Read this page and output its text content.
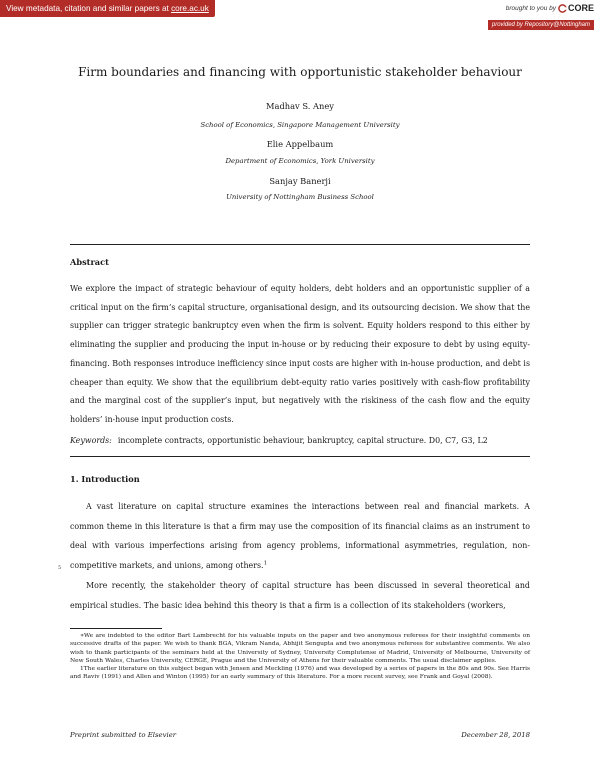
View metadata, citation and similar papers at core.ac.uk	brought to you by CORE
provided by Repository@Nottingham
Firm boundaries and financing with opportunistic stakeholder behaviour
Madhav S. Aney
School of Economics, Singapore Management University
Elie Appelbaum
Department of Economics, York University
Sanjay Banerji
University of Nottingham Business School
Abstract

We explore the impact of strategic behaviour of equity holders, debt holders and an opportunistic supplier of a critical input on the firm’s capital structure, organisational design, and its outsourcing decision. We show that the supplier can trigger strategic bankruptcy even when the firm is solvent. Equity holders respond to this either by eliminating the supplier and producing the input in-house or by reducing their exposure to debt by using equity-financing. Both responses introduce inefficiency since input costs are higher with in-house production, and debt is cheaper than equity. We show that the equilibrium debt-equity ratio varies positively with cash-flow profitability and the marginal cost of the supplier’s input, but negatively with the riskiness of the cash flow and the equity holders’ in-house input production costs.

Keywords: incomplete contracts, opportunistic behaviour, bankruptcy, capital structure. D0, C7, G3, L2

1. Introduction
5

A vast literature on capital structure examines the interactions between real and financial markets. A common theme in this literature is that a firm may use the composition of its financial claims as an instrument to deal with various imperfections arising from agency problems, informational asymmetries, regulation, non-competitive markets, and unions, among others.$^1$

More recently, the stakeholder theory of capital structure has been discussed in several theoretical and empirical studies. The basic idea behind this theory is that a firm is a collection of its stakeholders (workers,

∗We are indebted to the editor Bart Lambrecht for his valuable inputs on the paper and two anonymous referees for their insightful comments on successive drafts of the paper. We wish to thank BGA, Vikram Nanda, Abhijit Sengupta and two anonymous referees for substantive comments. We also wish to thank participants of the seminars held at the University of Sydney, University Complutense of Madrid, University of Melbourne, University of New South Wales, Charles University, CERGE, Prague and the University of Athens for their valuable comments. The usual disclaimer applies.

1The earlier literature on this subject began with Jensen and Meckling (1976) and was developed by a series of papers in the 80s and 90s. See Harris and Raviv (1991) and Allen and Winton (1995) for an early summary of this literature. For a more recent survey, see Frank and Goyal (2008).

Preprint submitted to Elsevier	December 28, 2018
